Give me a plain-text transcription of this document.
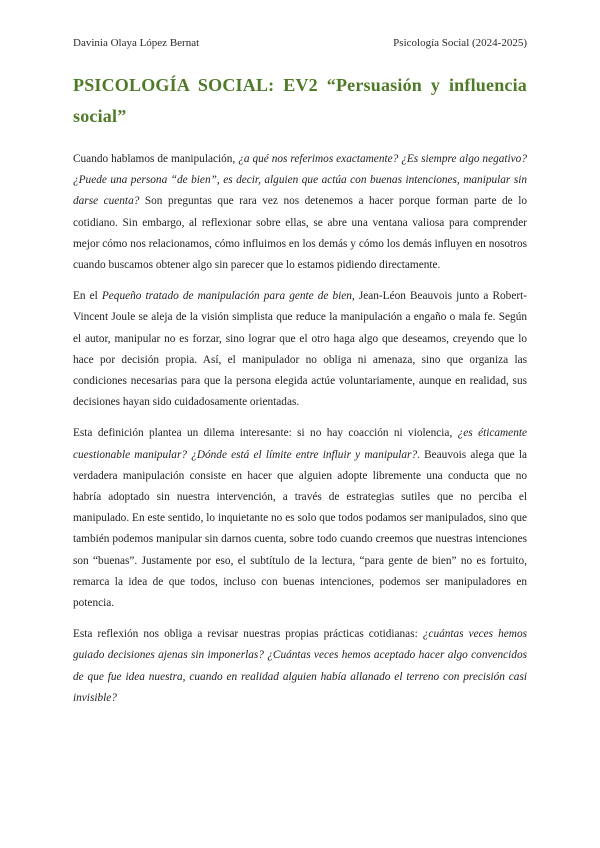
Davinia Olaya López Bernat	Psicología Social (2024-2025)
PSICOLOGÍA SOCIAL: EV2 “Persuasión y influencia social”

Cuando hablamos de manipulación, ¿a qué nos referimos exactamente? ¿Es siempre algo negativo? ¿Puede una persona “de bien”, es decir, alguien que actúa con buenas intenciones, manipular sin darse cuenta? Son preguntas que rara vez nos detenemos a hacer porque forman parte de lo cotidiano. Sin embargo, al reflexionar sobre ellas, se abre una ventana valiosa para comprender mejor cómo nos relacionamos, cómo influimos en los demás y cómo los demás influyen en nosotros cuando buscamos obtener algo sin parecer que lo estamos pidiendo directamente.

En el Pequeño tratado de manipulación para gente de bien, Jean-Léon Beauvois junto a Robert-Vincent Joule se aleja de la visión simplista que reduce la manipulación a engaño o mala fe. Según el autor, manipular no es forzar, sino lograr que el otro haga algo que deseamos, creyendo que lo hace por decisión propia. Así, el manipulador no obliga ni amenaza, sino que organiza las condiciones necesarias para que la persona elegida actúe voluntariamente, aunque en realidad, sus decisiones hayan sido cuidadosamente orientadas.

Esta definición plantea un dilema interesante: si no hay coacción ni violencia, ¿es éticamente cuestionable manipular? ¿Dónde está el límite entre influir y manipular?. Beauvois alega que la verdadera manipulación consiste en hacer que alguien adopte libremente una conducta que no habría adoptado sin nuestra intervención, a través de estrategias sutiles que no perciba el manipulado. En este sentido, lo inquietante no es solo que todos podamos ser manipulados, sino que también podemos manipular sin darnos cuenta, sobre todo cuando creemos que nuestras intenciones son “buenas”. Justamente por eso, el subtítulo de la lectura, “para gente de bien” no es fortuito, remarca la idea de que todos, incluso con buenas intenciones, podemos ser manipuladores en potencia.

Esta reflexión nos obliga a revisar nuestras propias prácticas cotidianas: ¿cuántas veces hemos guiado decisiones ajenas sin imponerlas? ¿Cuántas veces hemos aceptado hacer algo convencidos de que fue idea nuestra, cuando en realidad alguien había allanado el terreno con precisión casi invisible?
